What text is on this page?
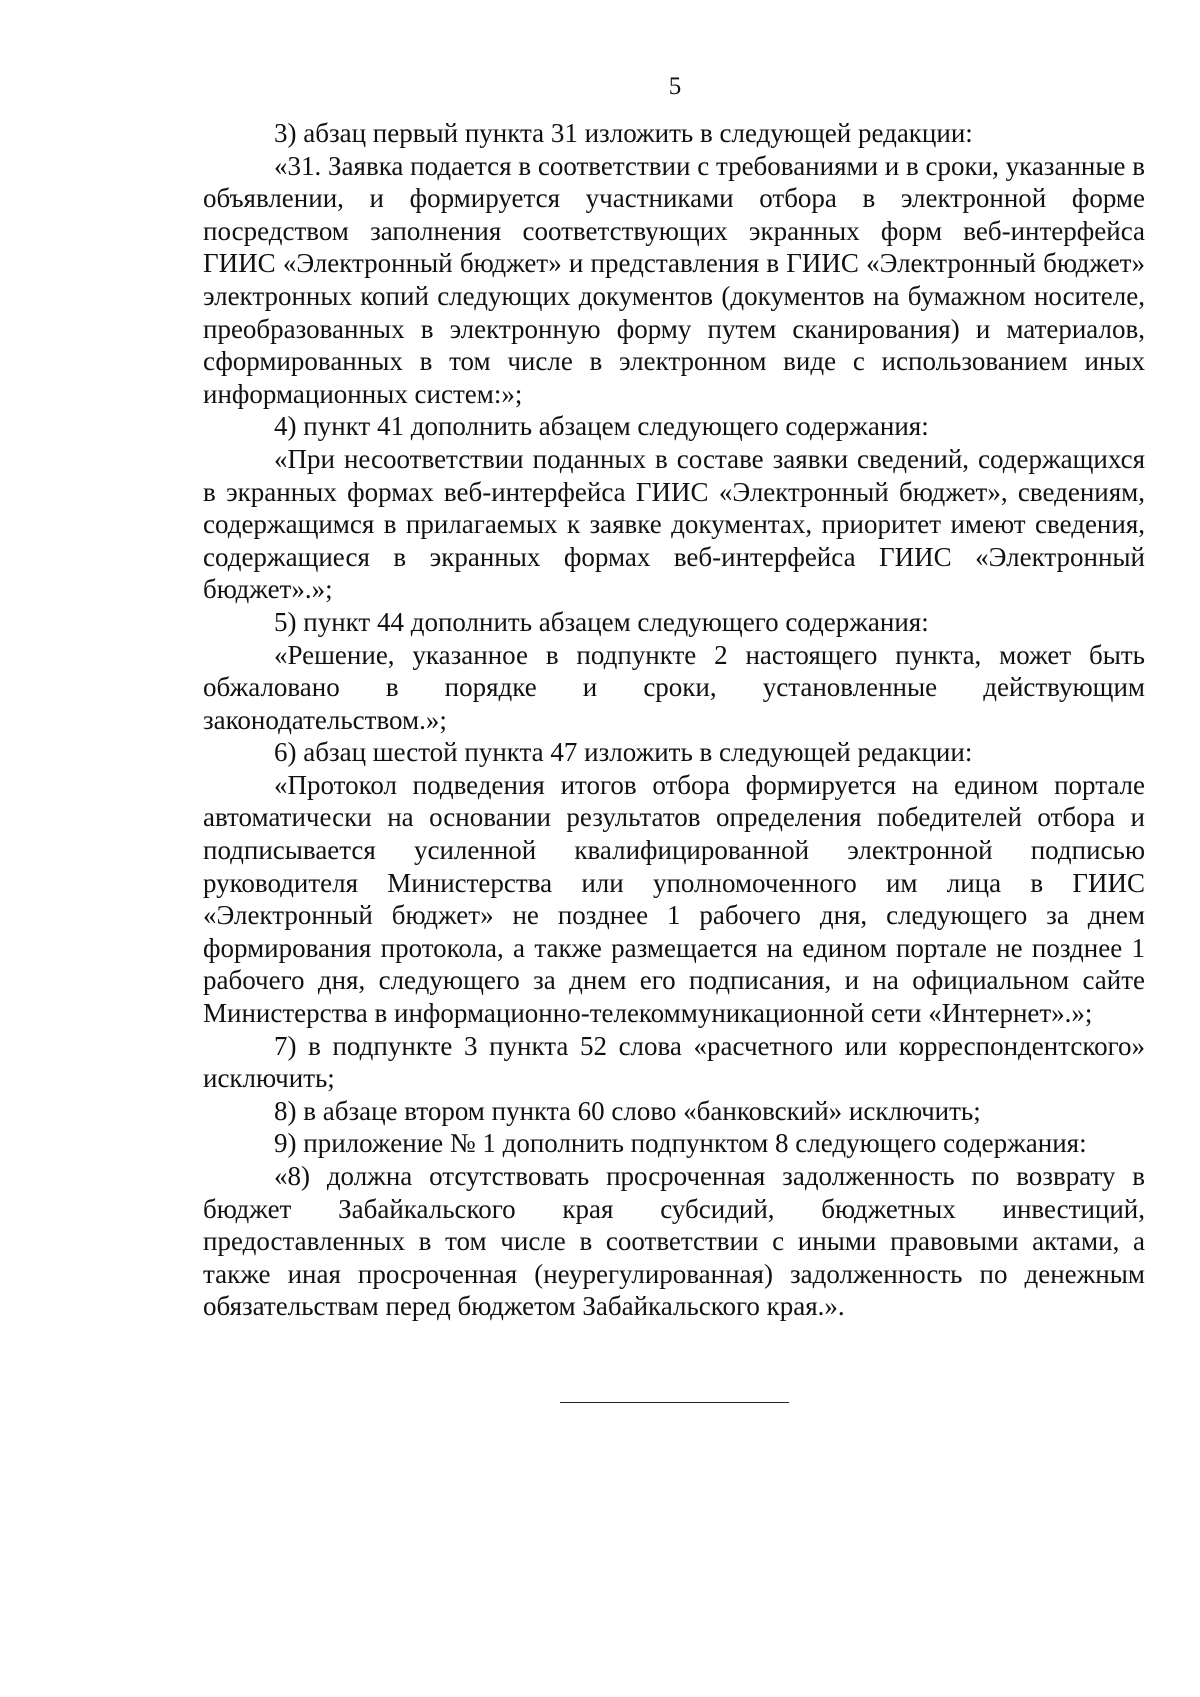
5

3) абзац первый пункта 31 изложить в следующей редакции:

«31. Заявка подается в соответствии с требованиями и в сроки, указанные в объявлении, и формируется участниками отбора в электронной форме посредством заполнения соответствующих экранных форм веб-интерфейса ГИИС «Электронный бюджет» и представления в ГИИС «Электронный бюджет» электронных копий следующих документов (документов на бумажном носителе, преобразованных в электронную форму путем сканирования) и материалов, сформированных в том числе в электронном виде с использованием иных информационных систем:»;

4) пункт 41 дополнить абзацем следующего содержания:

«При несоответствии поданных в составе заявки сведений, содержащихся в экранных формах веб-интерфейса ГИИС «Электронный бюджет», сведениям, содержащимся в прилагаемых к заявке документах, приоритет имеют сведения, содержащиеся в экранных формах веб-интерфейса ГИИС «Электронный бюджет».»;

5) пункт 44 дополнить абзацем следующего содержания:

«Решение, указанное в подпункте 2 настоящего пункта, может быть обжаловано в порядке и сроки, установленные действующим законодательством.»;

6) абзац шестой пункта 47 изложить в следующей редакции:

«Протокол подведения итогов отбора формируется на едином портале автоматически на основании результатов определения победителей отбора и подписывается усиленной квалифицированной электронной подписью руководителя Министерства или уполномоченного им лица в ГИИС «Электронный бюджет» не позднее 1 рабочего дня, следующего за днем формирования протокола, а также размещается на едином портале не позднее 1 рабочего дня, следующего за днем его подписания, и на официальном сайте Министерства в информационно-телекоммуникационной сети «Интернет».»;

7) в подпункте 3 пункта 52 слова «расчетного или корреспондентского» исключить;

8) в абзаце втором пункта 60 слово «банковский» исключить;

9) приложение № 1 дополнить подпунктом 8 следующего содержания:

«8) должна отсутствовать просроченная задолженность по возврату в бюджет Забайкальского края субсидий, бюджетных инвестиций, предоставленных в том числе в соответствии с иными правовыми актами, а также иная просроченная (неурегулированная) задолженность по денежным обязательствам перед бюджетом Забайкальского края.».
